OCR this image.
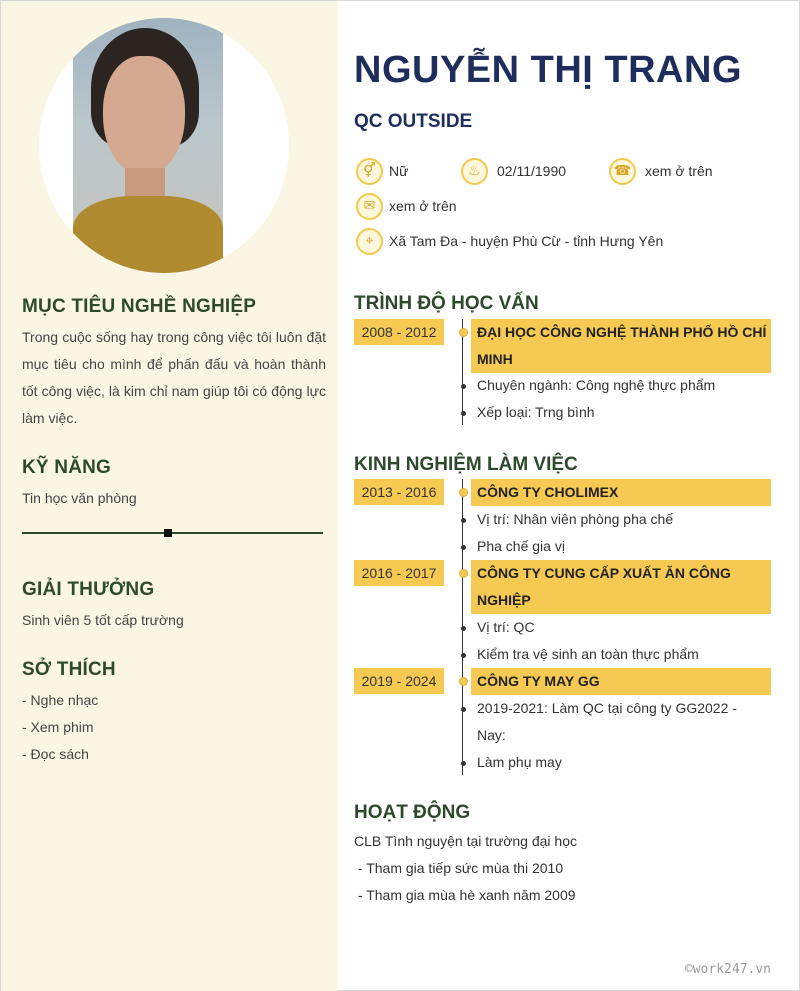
MỤC TIÊU NGHỀ NGHIỆP
Trong cuộc sống hay trong công việc tôi luôn đặt mục tiêu cho mình để phấn đấu và hoàn thành tốt công việc, là kim chỉ nam giúp tôi có động lực làm việc.
KỸ NĂNG
Tin học văn phòng
GIẢI THƯỞNG
Sinh viên 5 tốt cấp trường
SỞ THÍCH
- Nghe nhạc
- Xem phim
- Đọc sách
NGUYỄN THỊ TRANG
QC OUTSIDE
⚥ Nữ	♨	02/11/1990	☎ xem ở trên
✉ xem ở trên
⌖	Xã Tam Đa - huyện Phù Cừ - tỉnh Hưng Yên
TRÌNH ĐỘ HỌC VẤN
2008 - 2012	ĐẠI HỌC CÔNG NGHỆ THÀNH PHỐ HỒ CHÍ MINH
Chuyên ngành: Công nghệ thực phẩm
Xếp loại: Trng bình
KINH NGHIỆM LÀM VIỆC
2013 - 2016	CÔNG TY CHOLIMEX
Vị trí: Nhân viên phòng pha chế
Pha chế gia vị
2016 - 2017	CÔNG TY CUNG CẤP XUẤT ĂN CÔNG NGHIỆP
Vị trí: QC
Kiểm tra vệ sinh an toàn thực phẩm
2019 - 2024	CÔNG TY MAY GG
2019-2021: Làm QC tại công ty GG2022 - Nay:
Làm phụ may
HOẠT ĐỘNG
CLB Tình nguyện tại trường đại học
- Tham gia tiếp sức mùa thi 2010
- Tham gia mùa hè xanh năm 2009
©work247.vn
